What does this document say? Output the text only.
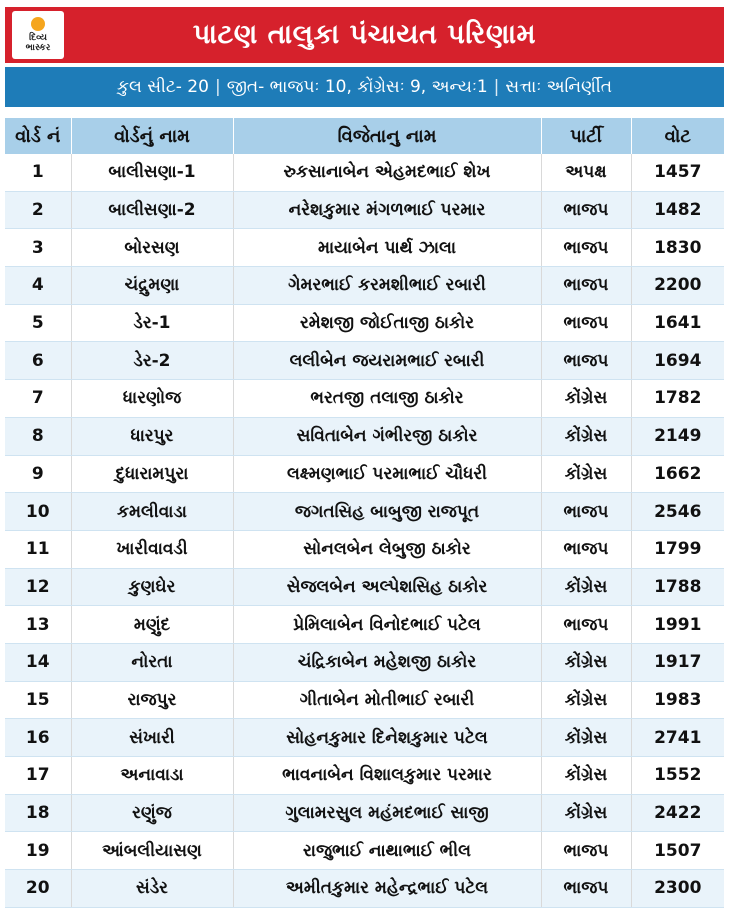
દિવ્ય
ભાસ્કર	પાટણ તાલુકા પંચાયત પરિણામ
કુલ સીટ- 20 | જીત- ભાજપઃ 10, કોંગ્રેસઃ 9, અન્યઃ1 | સત્તાઃ અનિર્ણીત
વોર્ડ નં	વોર્ડનું નામ	વિજેતાનુ નામ	પાર્ટી	વોટ
1	બાલીસણા-1	રુકસાનાબેન એહમદભાઈ શેખ	અપક્ષ	1457
2	બાલીસણા-2	નરેશકુમાર મંગળભાઈ પરમાર	ભાજપ	1482
3	બોરસણ	માયાબેન પાર્થ ઝાલા	ભાજપ	1830
4	ચંદ્રુમણા	ગેમરભાઈ કરમશીભાઈ રબારી	ભાજપ	2200
5	ડેર-1	રમેશજી જોઈતાજી ઠાકોર	ભાજપ	1641
6	ડેર-2	લલીબેન જયરામભાઈ રબારી	ભાજપ	1694
7	ધારણોજ	ભરતજી તલાજી ઠાકોર	કોંગ્રેસ	1782
8	ધારપુર	સવિતાબેન ગંભીરજી ઠાકોર	કોંગ્રેસ	2149
9	દુધારામપુરા	લક્ષ્મણભાઈ પરમાભાઈ ચૌધરી	કોંગ્રેસ	1662
10	કમલીવાડા	જગતસિહ બાબુજી રાજપૂત	ભાજપ	2546
11	ખારીવાવડી	સોનલબેન લેબુજી ઠાકોર	ભાજપ	1799
12	કુણઘેર	સેજલબેન અલ્પેશસિહ ઠાકોર	કોંગ્રેસ	1788
13	મણુંદ	પ્રેમિલાબેન વિનોદભાઈ પટેલ	ભાજપ	1991
14	નોરતા	ચંદ્રિકાબેન મહેશજી ઠાકોર	કોંગ્રેસ	1917
15	રાજપુર	ગીતાબેન મોતીભાઈ રબારી	કોંગ્રેસ	1983
16	સંખારી	સોહનકુમાર દિનેશકુમાર પટેલ	કોંગ્રેસ	2741
17	અનાવાડા	ભાવનાબેન વિશાલકુમાર પરમાર	કોંગ્રેસ	1552
18	રણુંજ	ગુલામરસુલ મહંમદભાઈ સાજી	કોંગ્રેસ	2422
19	આંબલીયાસણ	રાજુભાઈ નાથાભાઈ ભીલ	ભાજપ	1507
20	સંડેર	અમીતકુમાર મહેન્દ્રભાઈ પટેલ	ભાજપ	2300
